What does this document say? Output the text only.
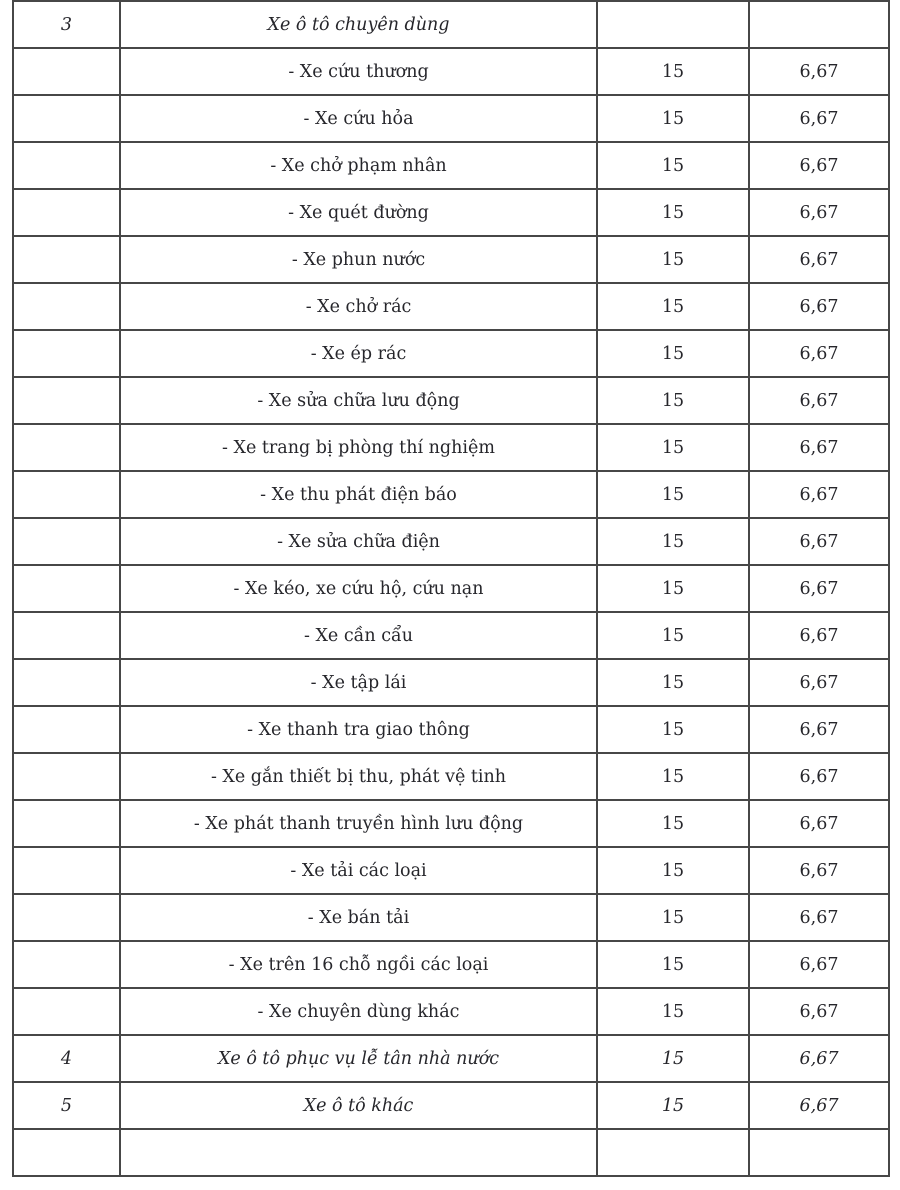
3	Xe ô tô chuyên dùng		
	- Xe cứu thương	15	6,67
	- Xe cứu hỏa	15	6,67
	- Xe chở phạm nhân	15	6,67
	- Xe quét đường	15	6,67
	- Xe phun nước	15	6,67
	- Xe chở rác	15	6,67
	- Xe ép rác	15	6,67
	- Xe sửa chữa lưu động	15	6,67
	- Xe trang bị phòng thí nghiệm	15	6,67
	- Xe thu phát điện báo	15	6,67
	- Xe sửa chữa điện	15	6,67
	- Xe kéo, xe cứu hộ, cứu nạn	15	6,67
	- Xe cần cẩu	15	6,67
	- Xe tập lái	15	6,67
	- Xe thanh tra giao thông	15	6,67
	- Xe gắn thiết bị thu, phát vệ tinh	15	6,67
	- Xe phát thanh truyền hình lưu động	15	6,67
	- Xe tải các loại	15	6,67
	- Xe bán tải	15	6,67
	- Xe trên 16 chỗ ngồi các loại	15	6,67
	- Xe chuyên dùng khác	15	6,67
4	Xe ô tô phục vụ lễ tân nhà nước	15	6,67
5	Xe ô tô khác	15	6,67
